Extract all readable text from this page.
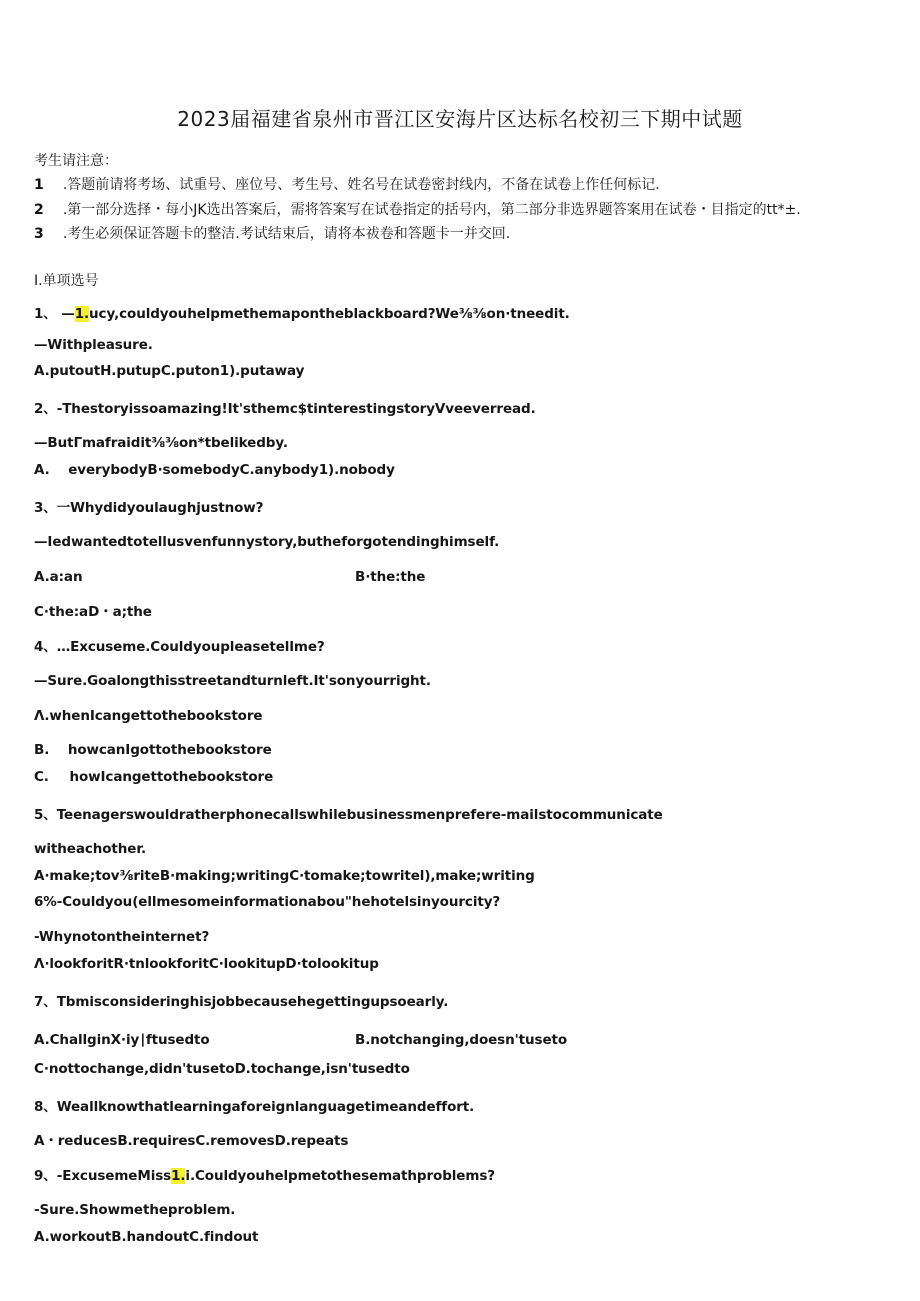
2023届福建省泉州市晋江区安海片区达标名校初三下期中试题
考生请注意：
1 .答题前请将考场、试重号、座位号、考生号、姓名号在试卷密封线内，不备在试卷上作任何标记.
2 .第一部分选择・每小JK选出答案后，需将答案写在试卷指定的括号内，第二部分非选界题答案用在试卷・目指定的tt*±.
3 .考生必须保证答题卡的整洁.考试结束后，请将本祓卷和答题卡一并交回.
I.单项选号
1、 —1.ucy,couldyouhelpmethemapontheblackboard?We⅜⅜on∙tneedit.
—Withpleasure.
A.putoutH.putupC.puton1).putaway
2、-Thestoryissoamazing!It'sthemc$tinterestingstoryVveeverread.
—ButΓmafraidit⅜⅜on*tbelikedby.
A. everybodyB∙somebodyC.anybody1).nobody
3、一Whydidyoulaughjustnow?
—Iedwantedtotellusvenfunnystory,butheforgotendinghimself.
A.a:an	B∙the:the
C∙the:aD・a;the
4、…Excuseme.Couldyoupleasetellme?
—Sure.Goalongthisstreetandturnleft.It'sonyourright.
Λ.whenIcangettothebookstore
B. howcanIgottothebookstore
C. howIcangettothebookstore
5、Teenagerswouldratherphonecallswhilebusinessmenprefere-mailstocommunicate
witheachother.
A∙make;tov⅜riteB∙making;writingC∙tomake;towritel),make;writing
6%-Couldyou(ellmesomeinformationabou"hehotelsinyourcity?
-Whynotontheinternet?
Λ∙lookforitR∙tnlookforitC∙lookitupD∙tolookitup
7、Tbmisconsideringhisjobbecausehegettingupsoearly.
A.ChallginX∙iy∣ftusedto	B.notchanging,doesn'tuseto
C∙nottochange,didn'tusetoD.tochange,isn'tusedto
8、Weallknowthatlearningaforeignlanguagetimeandeffort.
A・reducesB.requiresC.removesD.repeats
9、-ExcusemeMiss1.i.Couldyouhelpmetothesemathproblems?
-Sure.Showmetheproblem.
A.workoutB.handoutC.findout
